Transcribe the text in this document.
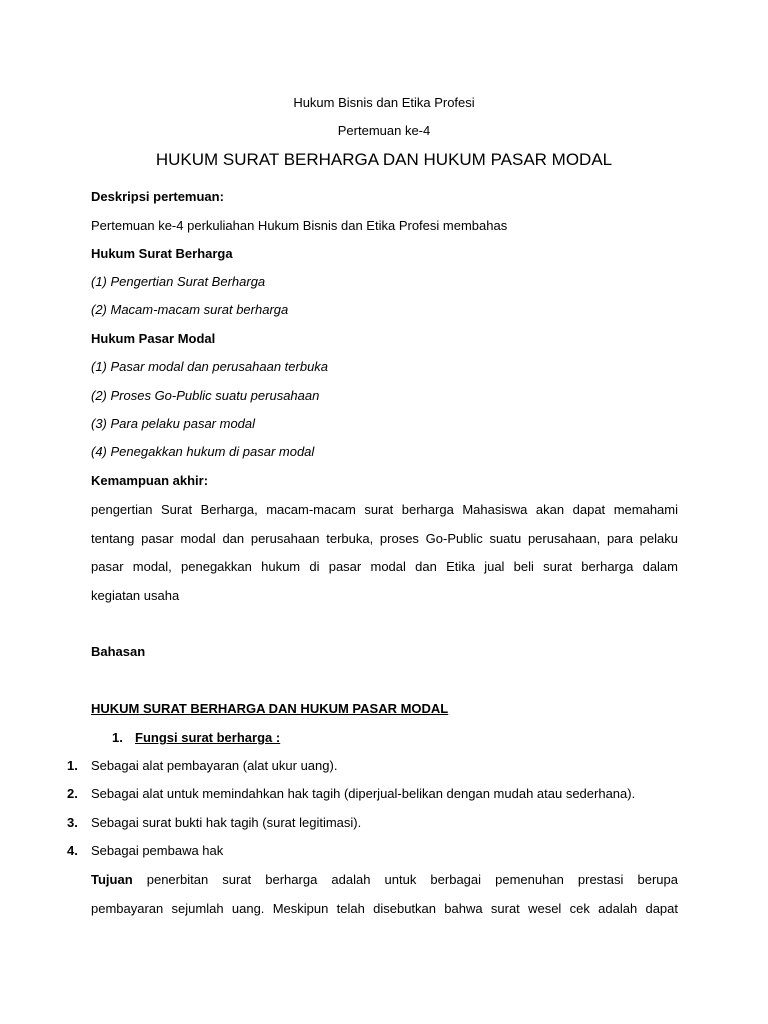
Hukum Bisnis dan Etika Profesi
Pertemuan ke-4
HUKUM SURAT BERHARGA DAN HUKUM PASAR MODAL
Deskripsi pertemuan:
Pertemuan ke-4 perkuliahan Hukum Bisnis dan Etika Profesi membahas
Hukum Surat Berharga
(1) Pengertian Surat Berharga
(2) Macam-macam surat berharga
Hukum Pasar Modal
(1) Pasar modal dan perusahaan terbuka
(2) Proses Go-Public suatu perusahaan
(3) Para pelaku pasar modal
(4) Penegakkan hukum di pasar modal
Kemampuan akhir:
pengertian Surat Berharga, macam-macam surat berharga Mahasiswa akan dapat memahami
tentang pasar modal dan perusahaan terbuka, proses Go-Public suatu perusahaan, para pelaku
pasar modal, penegakkan hukum di pasar modal dan Etika jual beli surat berharga dalam
kegiatan usaha
Bahasan
HUKUM SURAT BERHARGA DAN HUKUM PASAR MODAL
1. Fungsi surat berharga :
1. Sebagai alat pembayaran (alat ukur uang).
2. Sebagai alat untuk memindahkan hak tagih (diperjual-belikan dengan mudah atau sederhana).
3. Sebagai surat bukti hak tagih (surat legitimasi).
4. Sebagai pembawa hak
Tujuan penerbitan surat berharga adalah untuk berbagai pemenuhan prestasi berupa
pembayaran sejumlah uang. Meskipun telah disebutkan bahwa surat wesel cek adalah dapat
